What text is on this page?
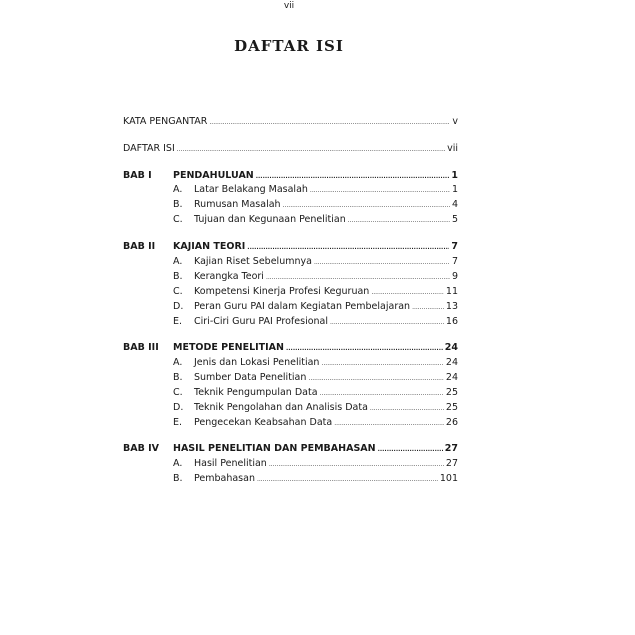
vii
DAFTAR ISI
KATA PENGANTAR .....	v
DAFTAR ISI .....	vii
BAB I PENDAHULUAN .....	1
A. Latar Belakang Masalah .....	1
B. Rumusan Masalah .....	4
C. Tujuan dan Kegunaan Penelitian .....	5
BAB II KAJIAN TEORI .....	7
A. Kajian Riset Sebelumnya .....	7
B. Kerangka Teori .....	9
C. Kompetensi Kinerja Profesi Keguruan .....	11
D. Peran Guru PAI dalam Kegiatan Pembelajaran .....	13
E. Ciri-Ciri Guru PAI Profesional .....	16
BAB III METODE PENELITIAN .....	24
A. Jenis dan Lokasi Penelitian .....	24
B. Sumber Data Penelitian .....	24
C. Teknik Pengumpulan Data .....	25
D. Teknik Pengolahan dan Analisis Data .....	25
E. Pengecekan Keabsahan Data .....	26
BAB IV HASIL PENELITIAN DAN PEMBAHASAN .....	27
A. Hasil Penelitian .....	27
B. Pembahasan .....	101
